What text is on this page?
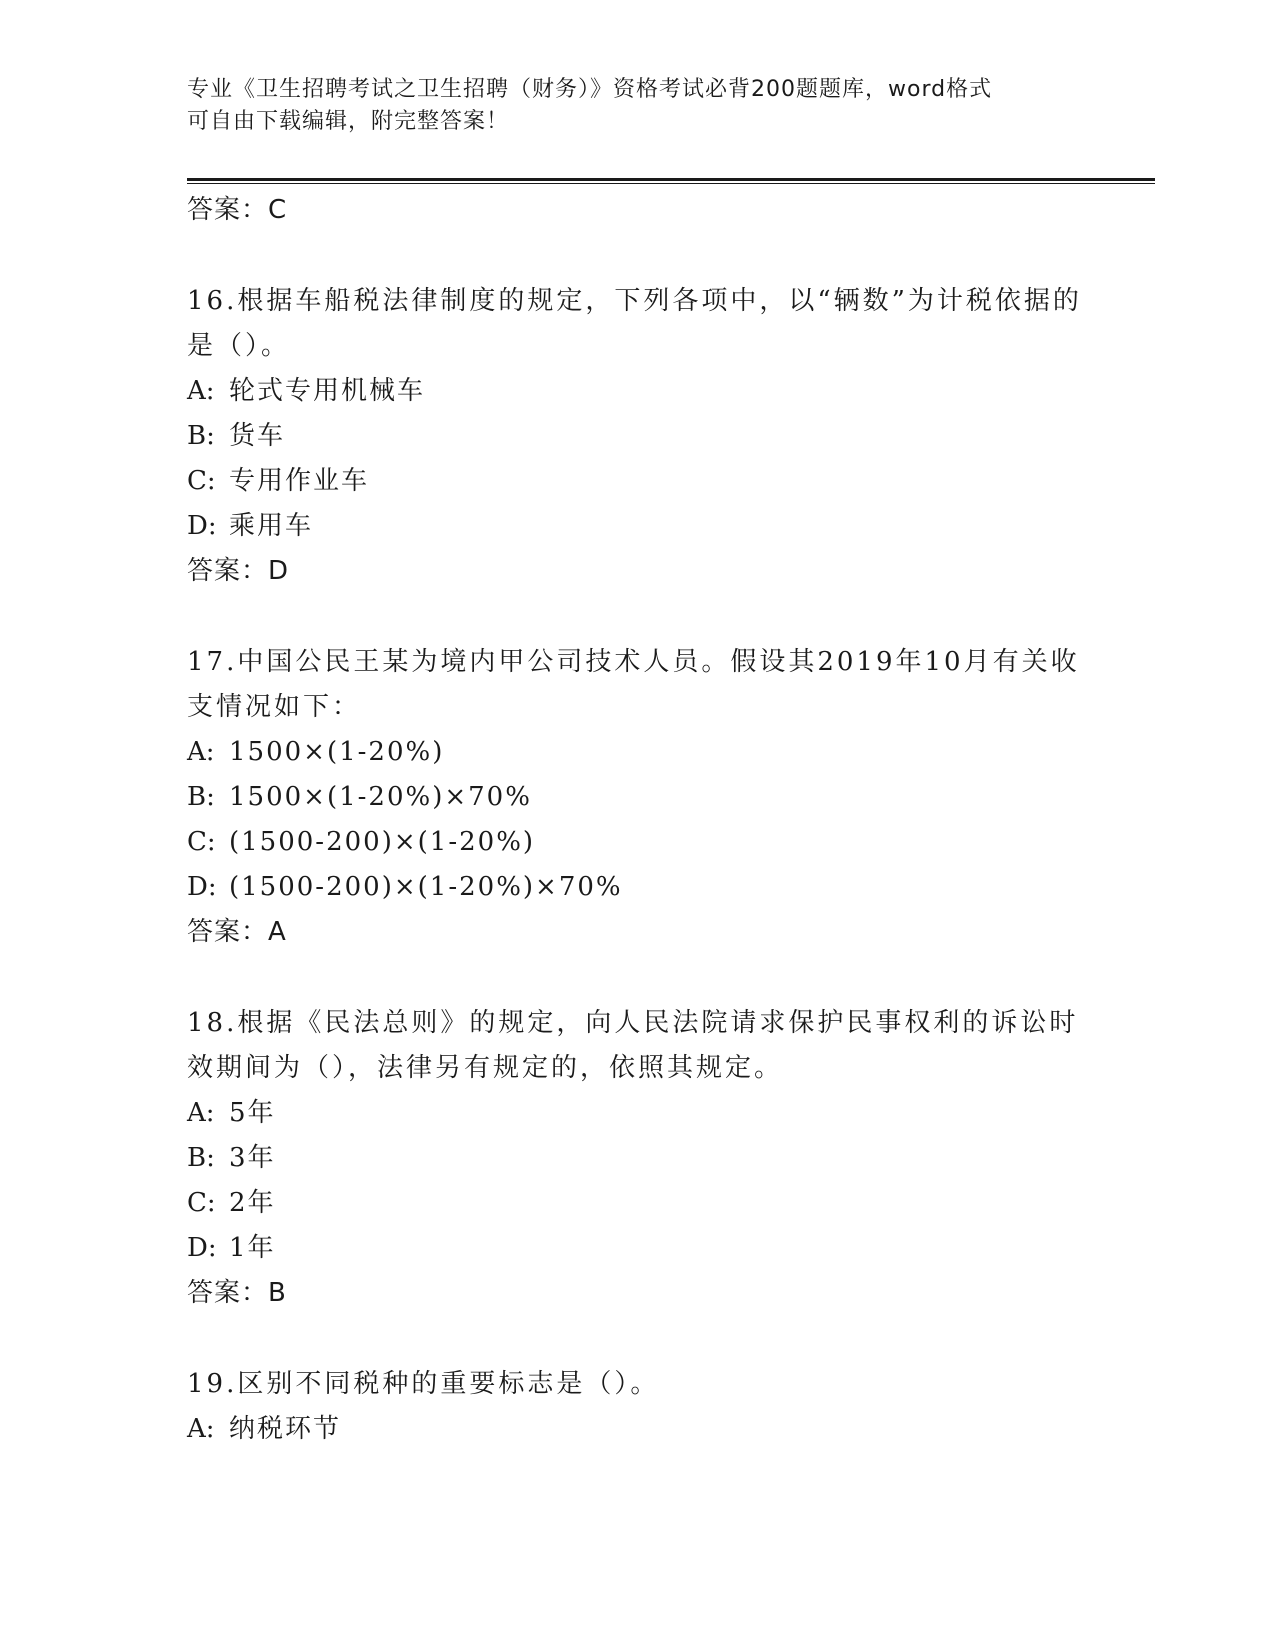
专业《卫生招聘考试之卫生招聘（财务）》资格考试必背200题题库，word格式
可自由下载编辑，附完整答案！
答案：C
16.根据车船税法律制度的规定，下列各项中，以“辆数”为计税依据的是（）。
A: 轮式专用机械车
B: 货车
C: 专用作业车
D: 乘用车
答案：D
17.中国公民王某为境内甲公司技术人员。假设其2019年10月有关收支情况如下：
A: 1500×(1-20%)
B: 1500×(1-20%)×70%
C: (1500-200)×(1-20%)
D: (1500-200)×(1-20%)×70%
答案：A
18.根据《民法总则》的规定，向人民法院请求保护民事权利的诉讼时效期间为（），法律另有规定的，依照其规定。
A: 5年
B: 3年
C: 2年
D: 1年
答案：B
19.区别不同税种的重要标志是（）。
A: 纳税环节
